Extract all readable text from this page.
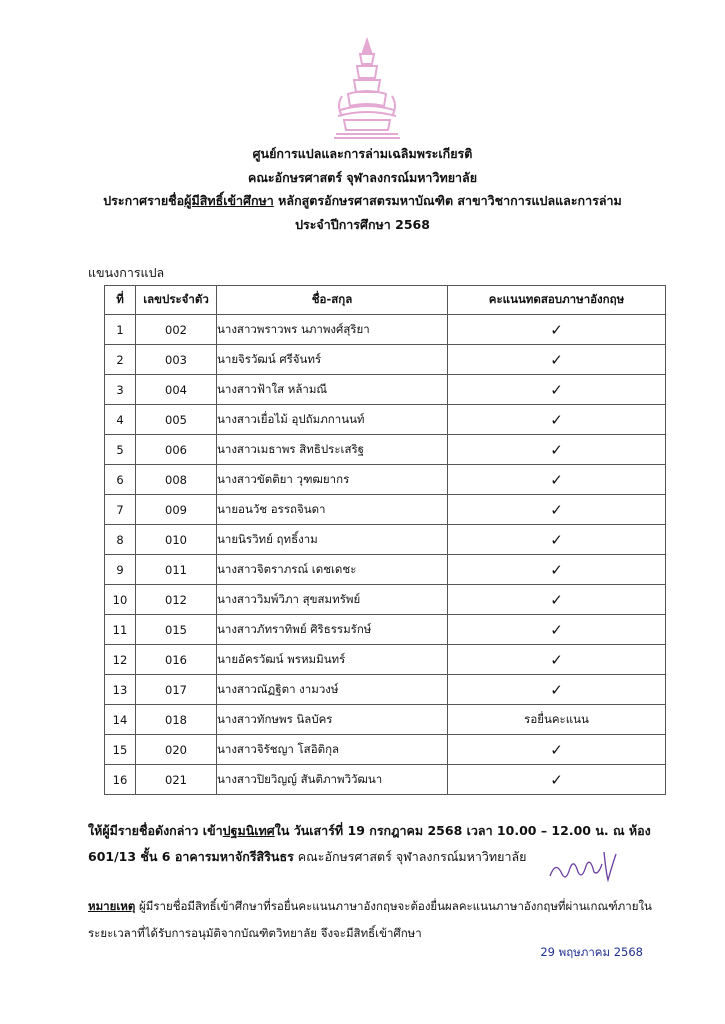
ศูนย์การแปลและการล่ามเฉลิมพระเกียรติ
คณะอักษรศาสตร์ จุฬาลงกรณ์มหาวิทยาลัย
ประกาศรายชื่อผู้มีสิทธิ์เข้าศึกษา หลักสูตรอักษรศาสตรมหาบัณฑิต สาขาวิชาการแปลและการล่าม
ประจำปีการศึกษา 2568
แขนงการแปล
ที่	เลขประจำตัว	ชื่อ-สกุล	คะแนนทดสอบภาษาอังกฤษ
1	002	นางสาวพราวพร นภาพงศ์สุริยา	✓
2	003	นายจิรวัฒน์ ศรีจันทร์	✓
3	004	นางสาวฟ้าใส หล้ามณี	✓
4	005	นางสาวเยื่อไม้ อุปถัมภกานนท์	✓
5	006	นางสาวเมธาพร สิทธิประเสริฐ	✓
6	008	นางสาวขัตติยา วุฑฒยากร	✓
7	009	นายอนวัช อรรถจินดา	✓
8	010	นายนิรวิทย์ ฤทธิ์งาม	✓
9	011	นางสาวจิตราภรณ์ เดชเดชะ	✓
10	012	นางสาววิมพ์วิภา สุขสมทรัพย์	✓
11	015	นางสาวภัทราทิพย์ ศิริธรรมรักษ์	✓
12	016	นายอัครวัฒน์ พรหมมินทร์	✓
13	017	นางสาวณัฏฐิตา งามวงษ์	✓
14	018	นางสาวทักษพร นิลบัคร	รอยื่นคะแนน
15	020	นางสาวจิรัชญา โสอิติกุล	✓
16	021	นางสาวปิยวิญญ์ สันติภาพวิวัฒนา	✓
ให้ผู้มีรายชื่อดังกล่าว เข้าปฐมนิเทศใน วันเสาร์ที่ 19 กรกฎาคม 2568 เวลา 10.00 – 12.00 น. ณ ห้อง 601/13 ชั้น 6 อาคารมหาจักรีสิรินธร คณะอักษรศาสตร์ จุฬาลงกรณ์มหาวิทยาลัย
หมายเหตุ ผู้มีรายชื่อมีสิทธิ์เข้าศึกษาที่รอยื่นคะแนนภาษาอังกฤษจะต้องยื่นผลคะแนนภาษาอังกฤษที่ผ่านเกณฑ์ภายในระยะเวลาที่ได้รับการอนุมัติจากบัณฑิตวิทยาลัย จึงจะมีสิทธิ์เข้าศึกษา
29 พฤษภาคม 2568
